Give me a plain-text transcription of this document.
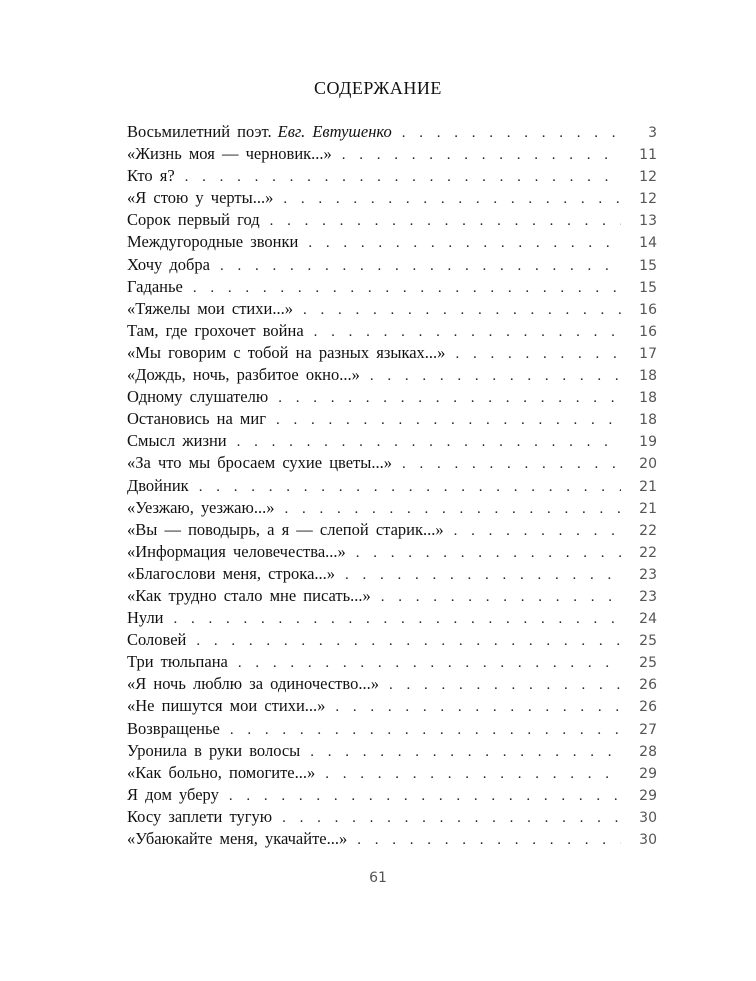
СОДЕРЖАНИЕ
Восьмилетний поэт. Евг. Евтушенко . . .	3
«Жизнь моя — черновик...» . . .	11
Кто я? . . .	12
«Я стою у черты...» . . .	12
Сорок первый год . . .	13
Междугородные звонки . . .	14
Хочу добра . . .	15
Гаданье . . .	15
«Тяжелы мои стихи...» . . .	16
Там, где грохочет война . . .	16
«Мы говорим с тобой на разных языках...» . . .	17
«Дождь, ночь, разбитое окно...» . . .	18
Одному слушателю . . .	18
Остановись на миг . . .	18
Смысл жизни . . .	19
«За что мы бросаем сухие цветы...» . . .	20
Двойник . . .	21
«Уезжаю, уезжаю...» . . .	21
«Вы — поводырь, а я — слепой старик...» . . .	22
«Информация человечества...» . . .	22
«Благослови меня, строка...» . . .	23
«Как трудно стало мне писать...» . . .	23
Нули . . .	24
Соловей . . .	25
Три тюльпана . . .	25
«Я ночь люблю за одиночество...» . . .	26
«Не пишутся мои стихи...» . . .	26
Возвращенье . . .	27
Уронила в руки волосы . . .	28
«Как больно, помогите...» . . .	29
Я дом уберу . . .	29
Косу заплети тугую . . .	30
«Убаюкайте меня, укачайте...» . . .	30
61
